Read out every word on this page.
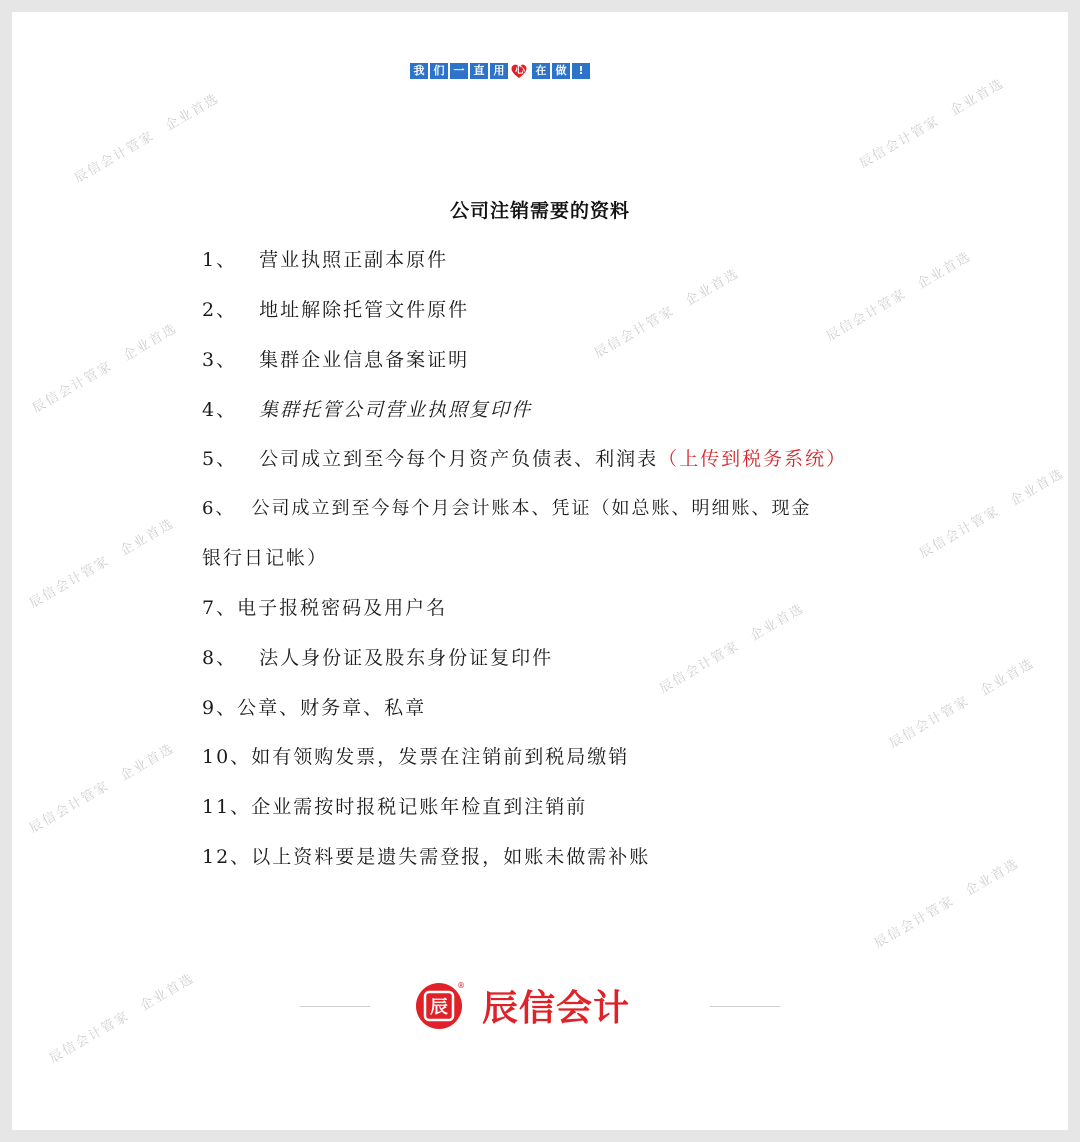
我 们 一 直 用	心 在 做	!
辰信会计管家　企业首选
辰信会计管家　企业首选
辰信会计管家　企业首选	辰信会计管家　企业首选
辰信会计管家　企业首选
辰信会计管家　企业首选
辰信会计管家　企业首选
辰信会计管家　企业首选
辰信会计管家　企业首选
辰信会计管家　企业首选
辰信会计管家　企业首选
辰信会计管家　企业首选
公司注销需要的资料
1、 营业执照正副本原件
2、 地址解除托管文件原件
3、 集群企业信息备案证明
4、 集群托管公司营业执照复印件
5、 公司成立到至今每个月资产负债表、利润表（上传到税务系统）
6、 公司成立到至今每个月会计账本、凭证（如总账、明细账、现金
银行日记帐）
7、电子报税密码及用户名
8、 法人身份证及股东身份证复印件
9、公章、财务章、私章
10、如有领购发票，发票在注销前到税局缴销
11、企业需按时报税记账年检直到注销前
12、以上资料要是遗失需登报，如账未做需补账
辰
®
辰信会计
